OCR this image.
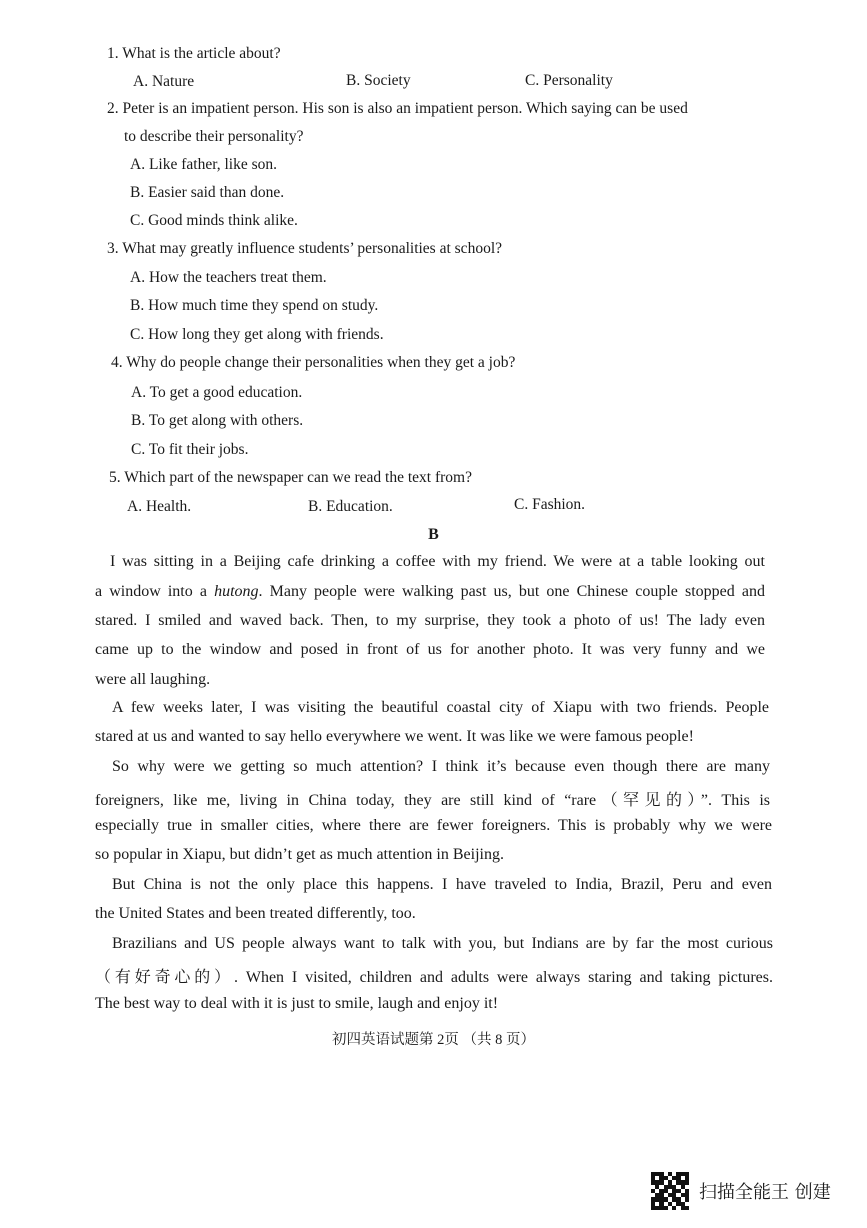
1. What is the article about?
A. Nature	B. Society	C. Personality
2. Peter is an impatient person. His son is also an impatient person. Which saying can be used
to describe their personality?
A. Like father, like son.
B. Easier said than done.
C. Good minds think alike.
3. What may greatly influence students’ personalities at school?
A. How the teachers treat them.
B. How much time they spend on study.
C. How long they get along with friends.
4. Why do people change their personalities when they get a job?
A. To get a good education.
B. To get along with others.
C. To fit their jobs.
5. Which part of the newspaper can we read the text from?
A. Health.	B. Education.	C. Fashion.
B
I was sitting in a Beijing cafe drinking a coffee with my friend. We were at a table looking out
a window into a hutong. Many people were walking past us, but one Chinese couple stopped and
stared. I smiled and waved back. Then, to my surprise, they took a photo of us! The lady even
came up to the window and posed in front of us for another photo. It was very funny and we
were all laughing.
A few weeks later, I was visiting the beautiful coastal city of Xiapu with two friends. People
stared at us and wanted to say hello everywhere we went. It was like we were famous people!
So why were we getting so much attention? I think it’s because even though there are many
foreigners, like me, living in China today, they are still kind of “rare（罕见的）”. This is
especially true in smaller cities, where there are fewer foreigners. This is probably why we were
so popular in Xiapu, but didn’t get as much attention in Beijing.
But China is not the only place this happens. I have traveled to India, Brazil, Peru and even
the United States and been treated differently, too.
Brazilians and US people always want to talk with you, but Indians are by far the most curious
（有好奇心的）. When I visited, children and adults were always staring and taking pictures.
The best way to deal with it is just to smile, laugh and enjoy it!
初四英语试题第 2页 （共 8 页）
扫描全能王 创建
